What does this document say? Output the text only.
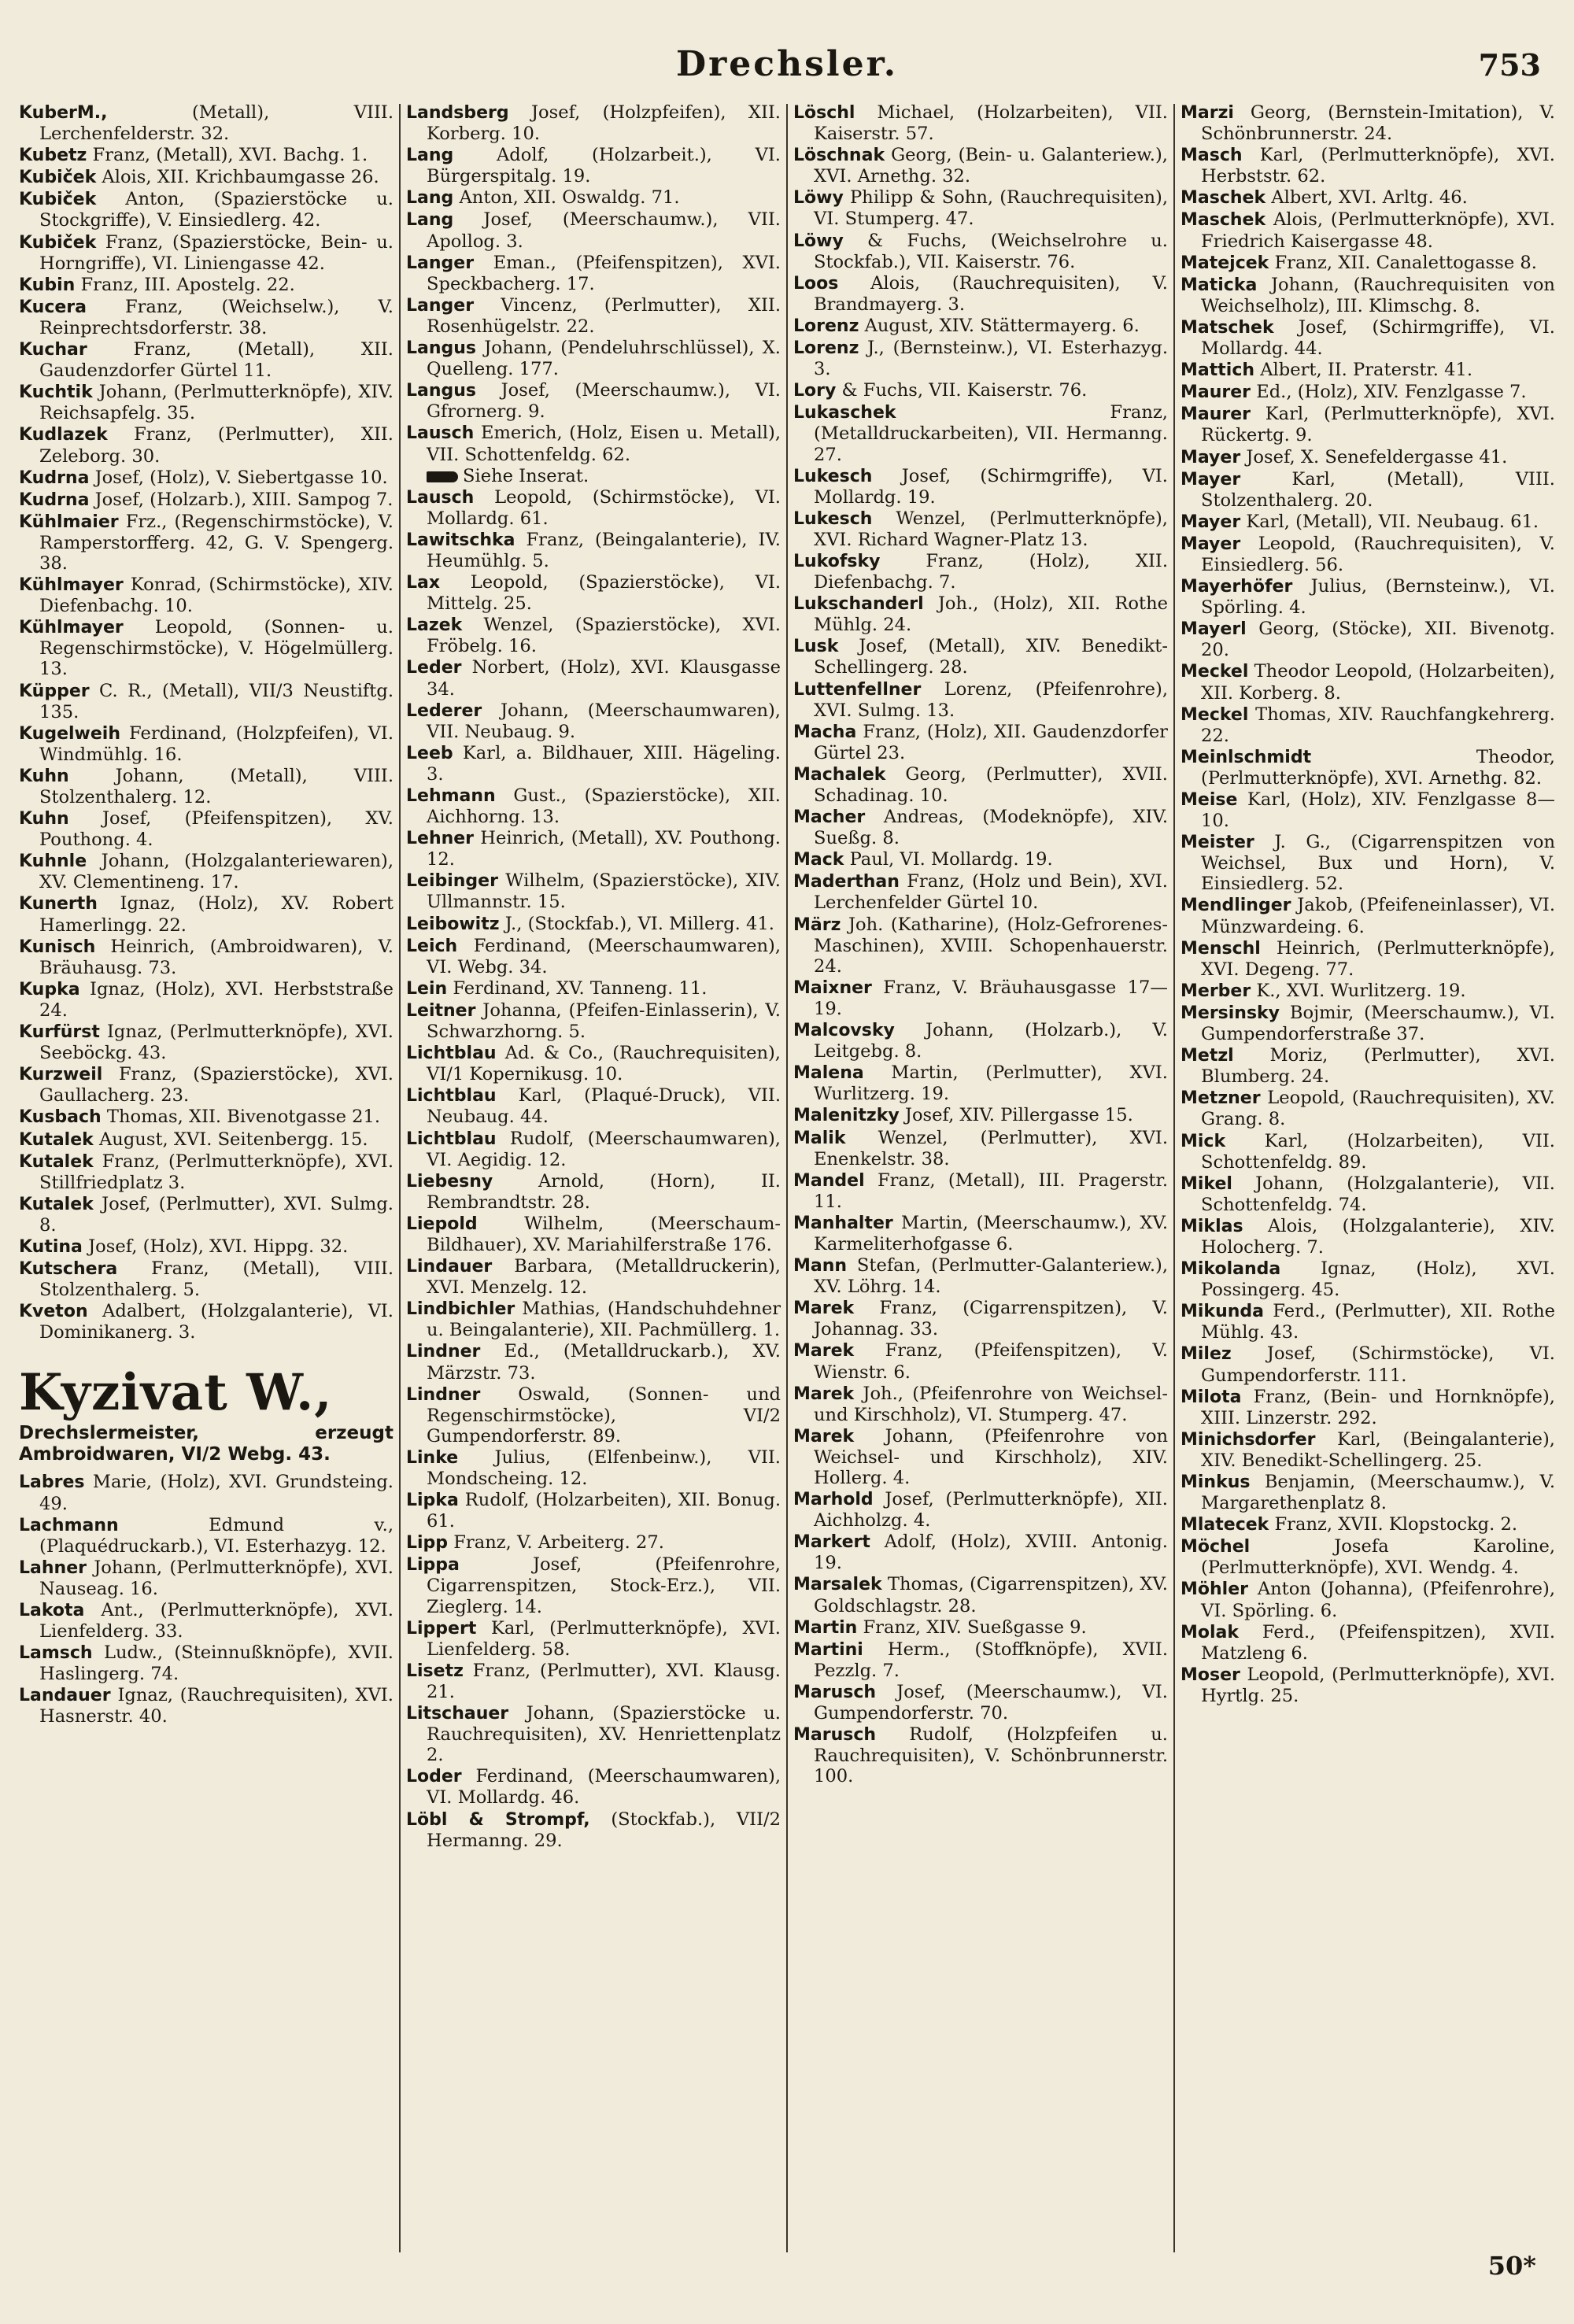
Drechsler.	753
KuberM.,	(Metall), VIII. Lerchenfelderstr. 32.
Kubetz Franz, (Metall), XVI. Bachg. 1.
Kubiček Alois, XII. Krichbaumgasse 26.
Kubiček Anton, (Spazierstöcke u. Stockgriffe), V. Einsiedlerg. 42.
Kubiček Franz, (Spazierstöcke, Bein- u. Horngriffe), VI. Liniengasse 42.
Kubin Franz, III. Apostelg. 22.
Kucera Franz, (Weichselw.), V. Reinprechtsdorferstr. 38.
Kuchar	Franz, (Metall), XII. Gaudenzdorfer Gürtel 11.
Kuchtik Johann, (Perlmutterknöpfe), XIV. Reichsapfelg. 35.
Kudlazek Franz, (Perlmutter), XII. Zeleborg. 30.
Kudrna Josef, (Holz), V. Siebertgasse 10.
Kudrna Josef, (Holzarb.), XIII. Sampog 7.
Kühlmaier Frz., (Regenschirmstöcke), V. Ramperstorfferg. 42, G. V. Spengerg. 38.
Kühlmayer Konrad, (Schirmstöcke), XIV. Diefenbachg. 10.
Kühlmayer Leopold, (Sonnen- u. Regenschirmstöcke), V. Högelmüllerg. 13.
Küpper C. R., (Metall), VII/3 Neustiftg. 135.
Kugelweih Ferdinand, (Holzpfeifen), VI. Windmühlg. 16.
Kuhn	Johann, (Metall), VIII. Stolzenthalerg. 12.
Kuhn Josef, (Pfeifenspitzen), XV. Pouthong. 4.
Kuhnle Johann, (Holzgalanteriewaren), XV. Clementineng. 17.
Kunerth Ignaz, (Holz), XV. Robert Hamerlingg. 22.
Kunisch Heinrich, (Ambroidwaren), V. Bräuhausg. 73.
Kupka Ignaz, (Holz), XVI. Herbststraße 24.
Kurfürst Ignaz, (Perlmutterknöpfe), XVI. Seeböckg. 43.
Kurzweil Franz, (Spazierstöcke), XVI. Gaullacherg. 23.
Kusbach Thomas, XII. Bivenotgasse 21.
Kutalek August, XVI. Seitenbergg. 15.
Kutalek Franz, (Perlmutterknöpfe), XVI. Stillfriedplatz 3.
Kutalek Josef, (Perlmutter), XVI. Sulmg. 8.
Kutina Josef, (Holz), XVI. Hippg. 32.
Kutschera Franz, (Metall), VIII. Stolzenthalerg. 5.
Kveton Adalbert, (Holzgalanterie), VI. Dominikanerg. 3.
Kyzivat W.,
Drechslermeister, erzeugt Ambroidwaren, VI/2 Webg. 43.
Labres Marie, (Holz), XVI. Grundsteing. 49.
Lachmann	Edmund v., (Plaquédruckarb.), VI. Esterhazyg. 12.
Lahner Johann, (Perlmutterknöpfe), XVI. Nauseag. 16.
Lakota Ant., (Perlmutterknöpfe), XVI. Lienfelderg. 33.
Lamsch Ludw., (Steinnußknöpfe), XVII. Haslingerg. 74.
Landauer Ignaz, (Rauchrequisiten), XVI. Hasnerstr. 40.
Landsberg Josef, (Holzpfeifen), XII. Korberg. 10.
Lang Adolf, (Holzarbeit.), VI. Bürgerspitalg. 19.
Lang Anton, XII. Oswaldg. 71.
Lang Josef, (Meerschaumw.), VII. Apollog. 3.
Langer Eman., (Pfeifenspitzen), XVI. Speckbacherg. 17.
Langer Vincenz, (Perlmutter), XII. Rosenhügelstr. 22.
Langus Johann, (Pendeluhrschlüssel), X. Quelleng. 177.
Langus Josef, (Meerschaumw.), VI. Gfrornerg. 9.
Lausch Emerich, (Holz, Eisen u. Metall), VII. Schottenfeldg. 62.
Siehe Inserat.
Lausch Leopold, (Schirmstöcke), VI. Mollardg. 61.
Lawitschka Franz, (Beingalanterie), IV. Heumühlg. 5.
Lax Leopold, (Spazierstöcke), VI. Mittelg. 25.
Lazek Wenzel, (Spazierstöcke), XVI. Fröbelg. 16.
Leder Norbert, (Holz), XVI. Klausgasse 34.
Lederer Johann, (Meerschaumwaren), VII. Neubaug. 9.
Leeb Karl, a. Bildhauer, XIII. Hägeling. 3.
Lehmann Gust., (Spazierstöcke), XII. Aichhorng. 13.
Lehner Heinrich, (Metall), XV. Pouthong. 12.
Leibinger Wilhelm, (Spazierstöcke), XIV. Ullmannstr. 15.
Leibowitz J., (Stockfab.), VI. Millerg. 41.
Leich Ferdinand, (Meerschaumwaren), VI. Webg. 34.
Lein Ferdinand, XV. Tanneng. 11.
Leitner Johanna, (Pfeifen-Einlasserin), V. Schwarzhorng. 5.
Lichtblau Ad. & Co., (Rauchrequisiten), VI/1 Kopernikusg. 10.
Lichtblau Karl, (Plaqué-Druck), VII. Neubaug. 44.
Lichtblau Rudolf, (Meerschaumwaren), VI. Aegidig. 12.
Liebesny	Arnold, (Horn), II. Rembrandtstr. 28.
Liepold	Wilhelm, (Meerschaum-Bildhauer), XV. Mariahilferstraße 176.
Lindauer Barbara, (Metalldruckerin), XVI. Menzelg. 12.
Lindbichler Mathias, (Handschuhdehner u. Beingalanterie), XII. Pachmüllerg. 1.
Lindner Ed., (Metalldruckarb.), XV. Märzstr. 73.
Lindner Oswald, (Sonnen- und Regenschirmstöcke), VI/2 Gumpendorferstr. 89.
Linke Julius, (Elfenbeinw.), VII. Mondscheing. 12.
Lipka Rudolf, (Holzarbeiten), XII. Bonug. 61.
Lipp Franz, V. Arbeiterg. 27.
Lippa	Josef, (Pfeifenrohre, Cigarrenspitzen, Stock-Erz.), VII. Zieglerg. 14.
Lippert Karl, (Perlmutterknöpfe), XVI. Lienfelderg. 58.
Lisetz Franz, (Perlmutter), XVI. Klausg. 21.
Litschauer Johann, (Spazierstöcke u. Rauchrequisiten), XV. Henriettenplatz 2.
Loder Ferdinand, (Meerschaumwaren), VI. Mollardg. 46.
Löbl & Strompf, (Stockfab.), VII/2 Hermanng. 29.
Löschl Michael, (Holzarbeiten), VII. Kaiserstr. 57.
Löschnak Georg, (Bein- u. Galanteriew.), XVI. Arnethg. 32.
Löwy Philipp & Sohn, (Rauchrequisiten), VI. Stumperg. 47.
Löwy & Fuchs, (Weichselrohre u. Stockfab.), VII. Kaiserstr. 76.
Loos Alois, (Rauchrequisiten), V. Brandmayerg. 3.
Lorenz August, XIV. Stättermayerg. 6.
Lorenz J., (Bernsteinw.), VI. Esterhazyg. 3.
Lory & Fuchs, VII. Kaiserstr. 76.
Lukaschek	Franz, (Metalldruckarbeiten), VII. Hermanng. 27.
Lukesch Josef, (Schirmgriffe), VI. Mollardg. 19.
Lukesch Wenzel, (Perlmutterknöpfe), XVI. Richard Wagner-Platz 13.
Lukofsky	Franz, (Holz), XII. Diefenbachg. 7.
Lukschanderl Joh., (Holz), XII. Rothe Mühlg. 24.
Lusk Josef, (Metall), XIV. Benedikt-Schellingerg. 28.
Luttenfellner Lorenz, (Pfeifenrohre), XVI. Sulmg. 13.
Macha Franz, (Holz), XII. Gaudenzdorfer Gürtel 23.
Machalek Georg, (Perlmutter), XVII. Schadinag. 10.
Macher Andreas, (Modeknöpfe), XIV. Sueßg. 8.
Mack Paul, VI. Mollardg. 19.
Maderthan Franz, (Holz und Bein), XVI. Lerchenfelder Gürtel 10.
März Joh. (Katharine), (Holz-Gefrorenes-Maschinen), XVIII. Schopenhauerstr. 24.
Maixner Franz, V. Bräuhausgasse 17—19.
Malcovsky Johann, (Holzarb.), V. Leitgebg. 8.
Malena Martin, (Perlmutter), XVI. Wurlitzerg. 19.
Malenitzky Josef, XIV. Pillergasse 15.
Malik Wenzel, (Perlmutter), XVI. Enenkelstr. 38.
Mandel Franz, (Metall), III. Pragerstr. 11.
Manhalter Martin, (Meerschaumw.), XV. Karmeliterhofgasse 6.
Mann Stefan, (Perlmutter-Galanteriew.), XV. Löhrg. 14.
Marek Franz, (Cigarrenspitzen), V. Johannag. 33.
Marek Franz, (Pfeifenspitzen), V. Wienstr. 6.
Marek Joh., (Pfeifenrohre von Weichsel- und Kirschholz), VI. Stumperg. 47.
Marek Johann, (Pfeifenrohre von Weichsel- und Kirschholz), XIV. Hollerg. 4.
Marhold Josef, (Perlmutterknöpfe), XII. Aichholzg. 4.
Markert Adolf, (Holz), XVIII. Antonig. 19.
Marsalek Thomas, (Cigarrenspitzen), XV. Goldschlagstr. 28.
Martin Franz, XIV. Sueßgasse 9.
Martini Herm., (Stoffknöpfe), XVII. Pezzlg. 7.
Marusch Josef, (Meerschaumw.), VI. Gumpendorferstr. 70.
Marusch Rudolf, (Holzpfeifen u. Rauchrequisiten), V. Schönbrunnerstr. 100.
Marzi Georg, (Bernstein-Imitation), V. Schönbrunnerstr. 24.
Masch Karl, (Perlmutterknöpfe), XVI. Herbststr. 62.
Maschek Albert, XVI. Arltg. 46.
Maschek Alois, (Perlmutterknöpfe), XVI. Friedrich Kaisergasse 48.
Matejcek Franz, XII. Canalettogasse 8.
Maticka Johann, (Rauchrequisiten von Weichselholz), III. Klimschg. 8.
Matschek Josef, (Schirmgriffe), VI. Mollardg. 44.
Mattich Albert, II. Praterstr. 41.
Maurer Ed., (Holz), XIV. Fenzlgasse 7.
Maurer Karl, (Perlmutterknöpfe), XVI. Rückertg. 9.
Mayer Josef, X. Senefeldergasse 41.
Mayer	Karl, (Metall), VIII. Stolzenthalerg. 20.
Mayer Karl, (Metall), VII. Neubaug. 61.
Mayer Leopold, (Rauchrequisiten), V. Einsiedlerg. 56.
Mayerhöfer Julius, (Bernsteinw.), VI. Spörling. 4.
Mayerl Georg, (Stöcke), XII. Bivenotg. 20.
Meckel Theodor Leopold, (Holzarbeiten), XII. Korberg. 8.
Meckel Thomas, XIV. Rauchfangkehrerg. 22.
Meinlschmidt	Theodor, (Perlmutterknöpfe), XVI. Arnethg. 82.
Meise Karl, (Holz), XIV. Fenzlgasse 8—10.
Meister J. G., (Cigarrenspitzen von Weichsel, Bux und Horn), V. Einsiedlerg. 52.
Mendlinger Jakob, (Pfeifeneinlasser), VI. Münzwardeing. 6.
Menschl Heinrich, (Perlmutterknöpfe), XVI. Degeng. 77.
Merber K., XVI. Wurlitzerg. 19.
Mersinsky Bojmir, (Meerschaumw.), VI. Gumpendorferstraße 37.
Metzl Moriz, (Perlmutter), XVI. Blumberg. 24.
Metzner Leopold, (Rauchrequisiten), XV. Grang. 8.
Mick Karl, (Holzarbeiten), VII. Schottenfeldg. 89.
Mikel Johann, (Holzgalanterie), VII. Schottenfeldg. 74.
Miklas Alois, (Holzgalanterie), XIV. Holocherg. 7.
Mikolanda Ignaz, (Holz), XVI. Possingerg. 45.
Mikunda Ferd., (Perlmutter), XII. Rothe Mühlg. 43.
Milez Josef, (Schirmstöcke), VI. Gumpendorferstr. 111.
Milota Franz, (Bein- und Hornknöpfe), XIII. Linzerstr. 292.
Minichsdorfer Karl, (Beingalanterie), XIV. Benedikt-Schellingerg. 25.
Minkus Benjamin, (Meerschaumw.), V. Margarethenplatz 8.
Mlatecek Franz, XVII. Klopstockg. 2.
Möchel	Josefa Karoline, (Perlmutterknöpfe), XVI. Wendg. 4.
Möhler Anton (Johanna), (Pfeifenrohre), VI. Spörling. 6.
Molak Ferd., (Pfeifenspitzen), XVII. Matzleng 6.
Moser Leopold, (Perlmutterknöpfe), XVI. Hyrtlg. 25.
50*
